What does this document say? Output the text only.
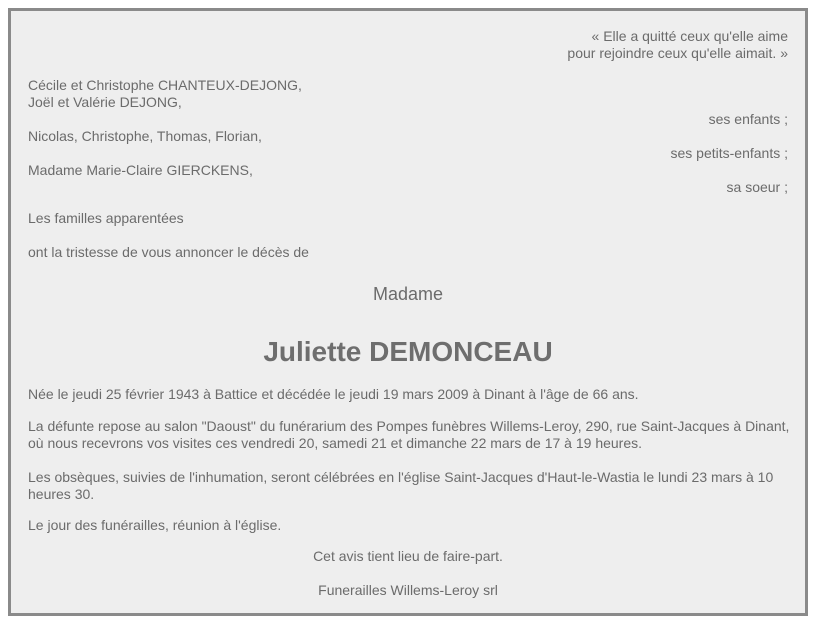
« Elle a quitté ceux qu'elle aime
pour rejoindre ceux qu'elle aimait. »
Cécile et Christophe CHANTEUX-DEJONG,
Joël et Valérie DEJONG,
ses enfants ;
Nicolas, Christophe, Thomas, Florian,
ses petits-enfants ;
Madame Marie-Claire GIERCKENS,
sa soeur ;
Les familles apparentées
ont la tristesse de vous annoncer le décès de
Madame
Juliette DEMONCEAU
Née le jeudi 25 février 1943 à Battice et décédée le jeudi 19 mars 2009 à Dinant à l'âge de 66 ans.
La défunte repose au salon "Daoust" du funérarium des Pompes funèbres Willems-Leroy, 290, rue Saint-Jacques à Dinant, où nous recevrons vos visites ces vendredi 20, samedi 21 et dimanche 22 mars de 17 à 19 heures.
Les obsèques, suivies de l'inhumation, seront célébrées en l'église Saint-Jacques d'Haut-le-Wastia le lundi 23 mars à 10 heures 30.
Le jour des funérailles, réunion à l'église.
Cet avis tient lieu de faire-part.
Funerailles Willems-Leroy srl
